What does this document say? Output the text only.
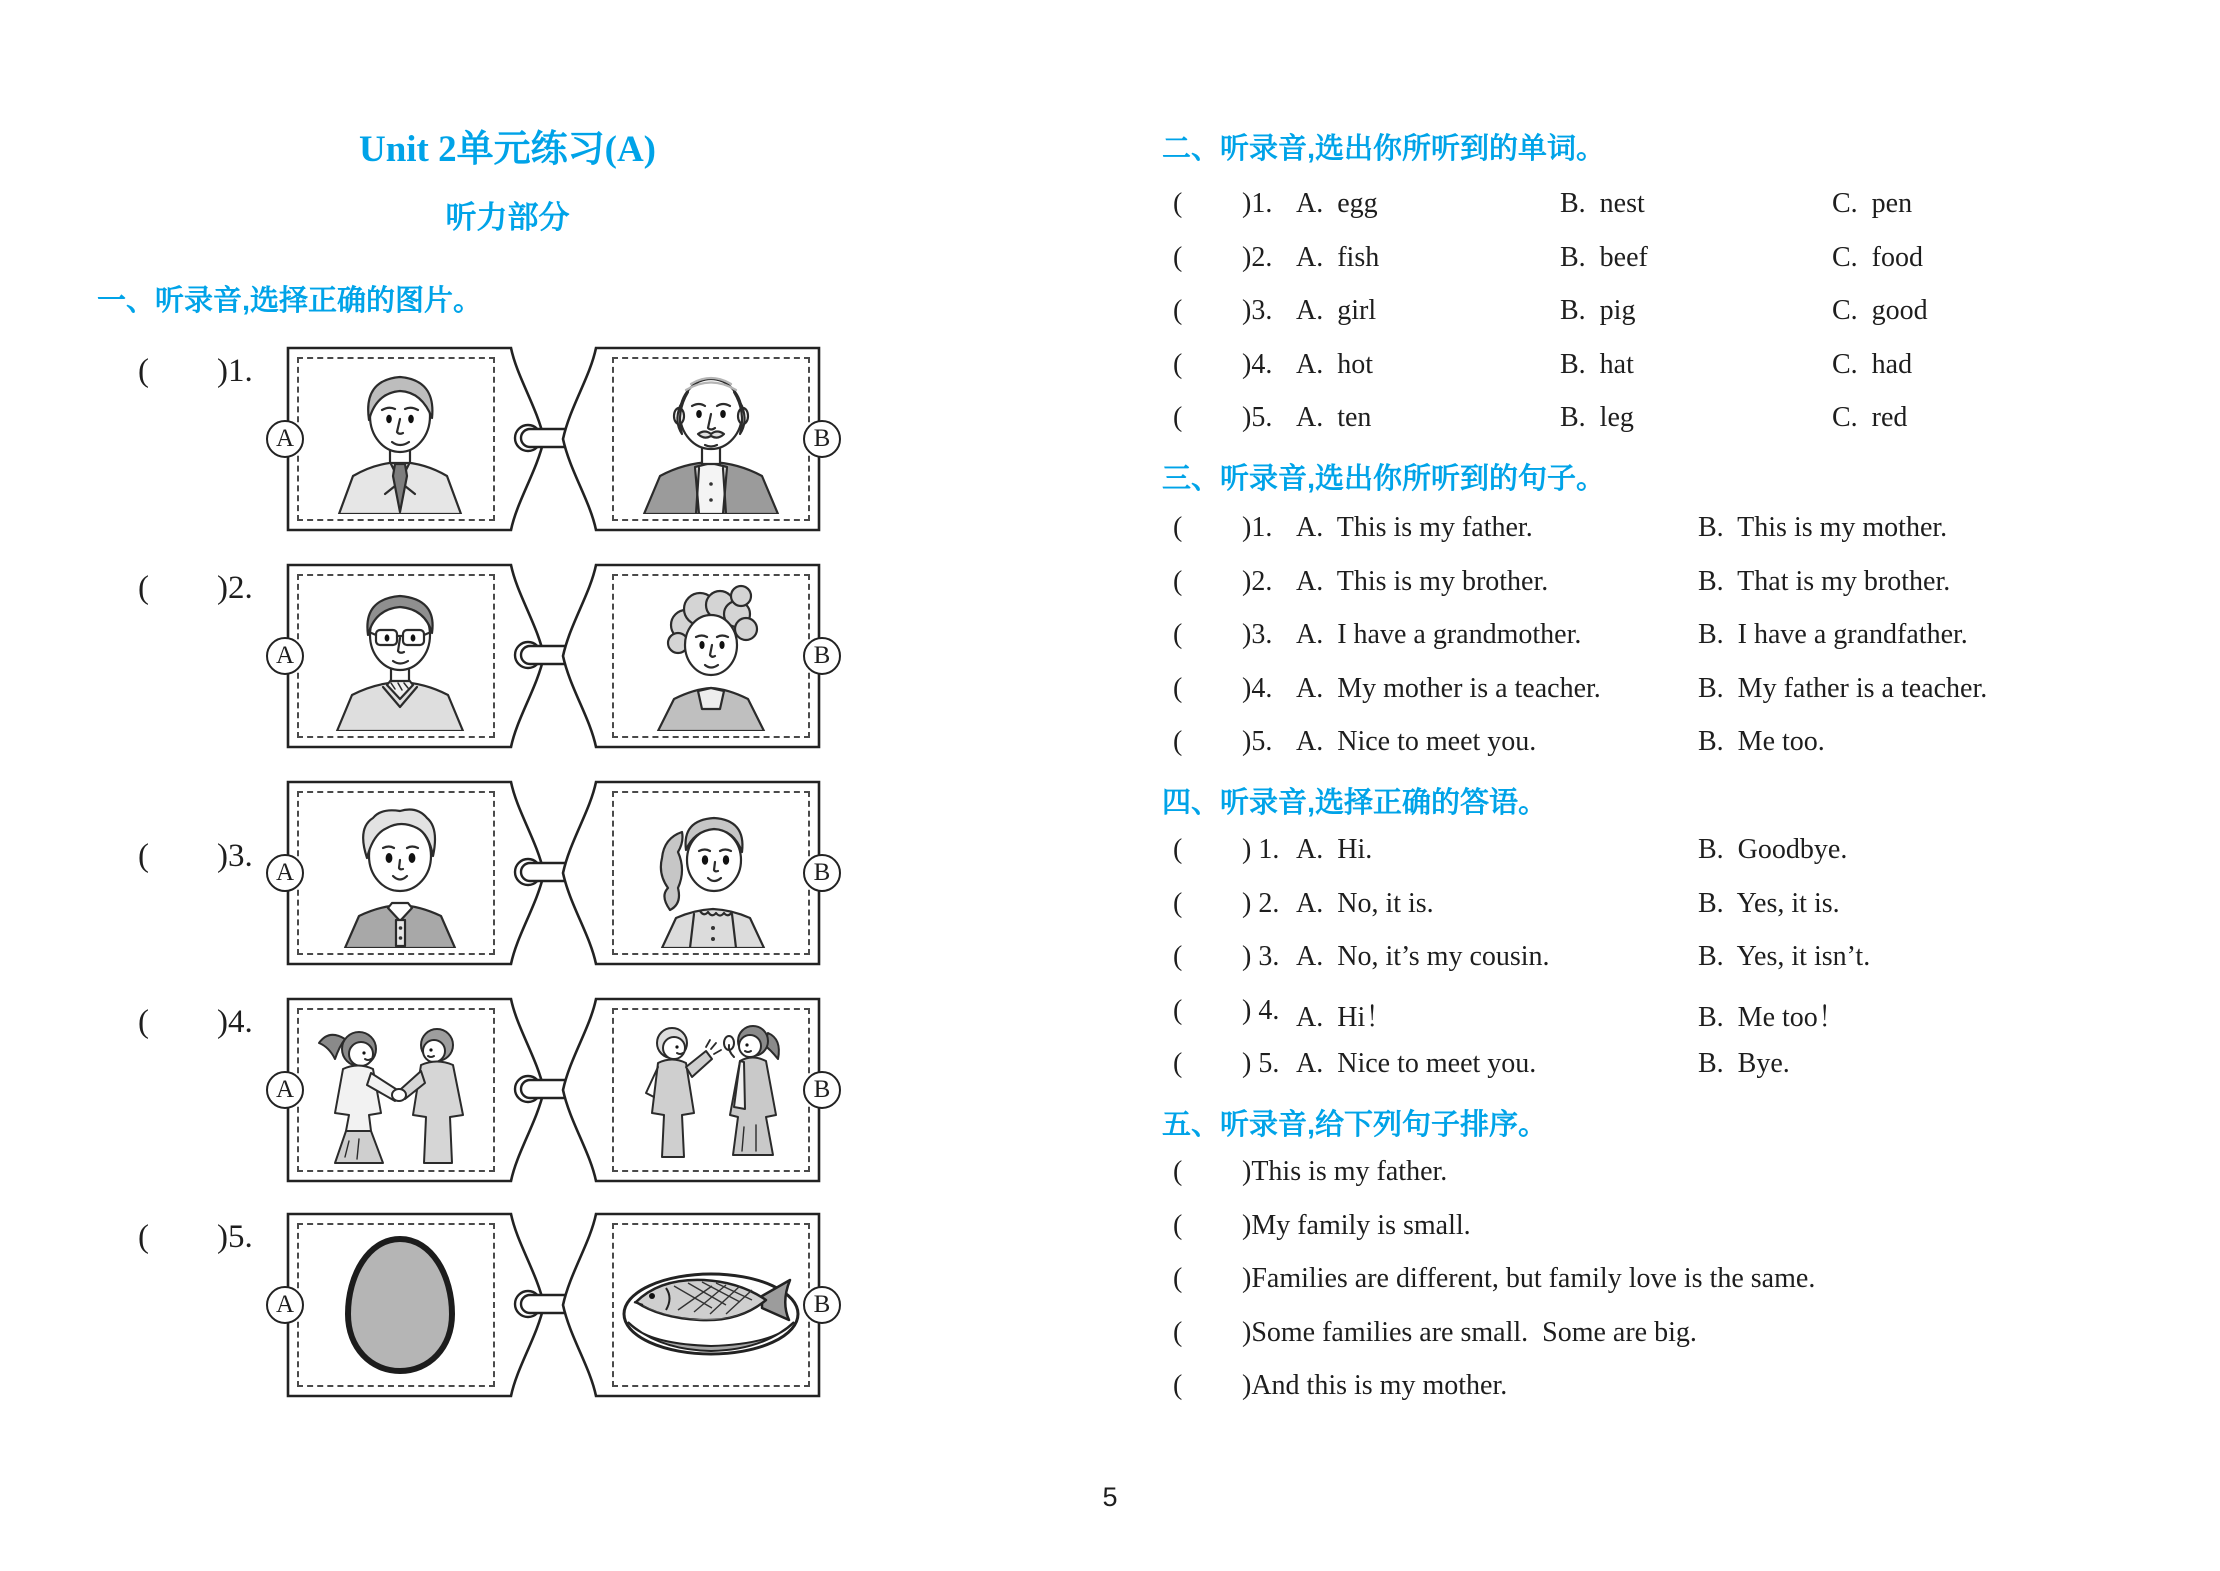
Unit 2单元练习(A)
听力部分
一、听录音,选择正确的图片。
( )1.
A	B
( )2.
A	B
( )3. A	B
( )4.
A	B
( )5.
A	B
二、听录音,选出你所听到的单词。
( )1. A.  egg	B.  nest	C.  pen
( )2. A.  fish	B.  beef	C.  food
( )3. A.  girl	B.  pig	C.  good
( )4. A.  hot	B.  hat	C.  had
( )5. A.  ten	B.  leg	C.  red
三、听录音,选出你所听到的句子。
( )1. A.  This is my father.	B.  This is my mother.
( )2. A.  This is my brother.	B.  That is my brother.
( )3. A.  I have a grandmother.	B.  I have a grandfather.
( )4. A.  My mother is a teacher.	B.  My father is a teacher.
( )5. A.  Nice to meet you.	B.  Me too.
四、听录音,选择正确的答语。
( ) 1. A.  Hi.	B.  Goodbye.
( ) 2. A.  No, it is.	B.  Yes, it is.
( ) 3. A.  No, it’s my cousin.	B.  Yes, it isn’t.
( ) 4. A.  Hi！	B.  Me too！
( ) 5. A.  Nice to meet you.	B.  Bye.
五、听录音,给下列句子排序。
( )This is my father.
( )My family is small.
( )Families are different, but family love is the same.
( )Some families are small.  Some are big.
( )And this is my mother.
5
